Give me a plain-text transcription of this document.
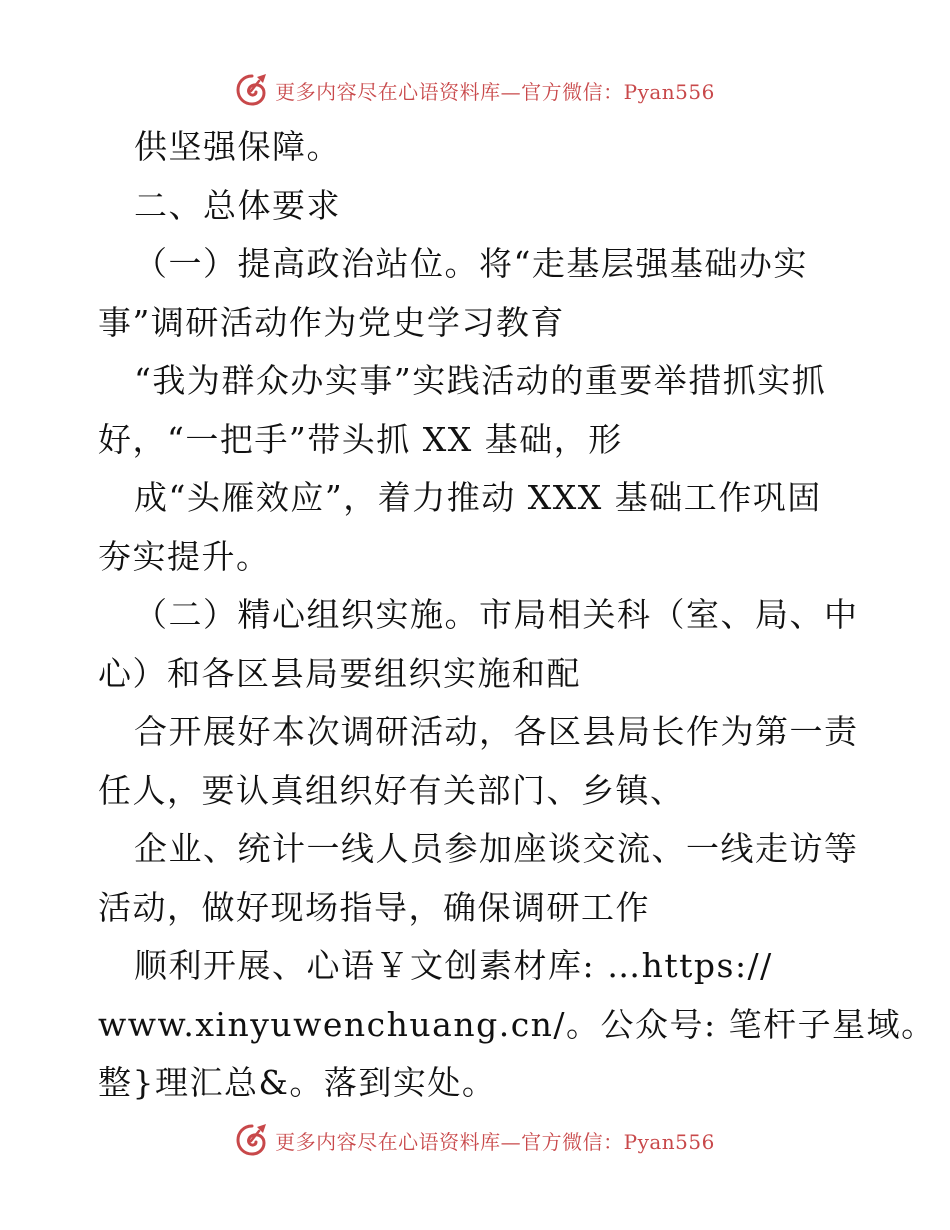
更多内容尽在心语资料库—官方微信：Pyan556
供坚强保障。
二、总体要求
（一）提高政治站位。将“走基层强基础办实
事”调研活动作为党史学习教育
“我为群众办实事”实践活动的重要举措抓实抓
好，“一把手”带头抓 XX 基础，形
成“头雁效应”，着力推动 XXX 基础工作巩固
夯实提升。
（二）精心组织实施。市局相关科（室、局、中
心）和各区县局要组织实施和配
合开展好本次调研活动，各区县局长作为第一责
任人，要认真组织好有关部门、乡镇、
企业、统计一线人员参加座谈交流、一线走访等
活动，做好现场指导，确保调研工作
顺利开展、心语￥文创素材库: …https://
www.xinyuwenchuang.cn/。公众号: 笔杆子星域。
整}理汇总&。落到实处。
更多内容尽在心语资料库—官方微信：Pyan556
